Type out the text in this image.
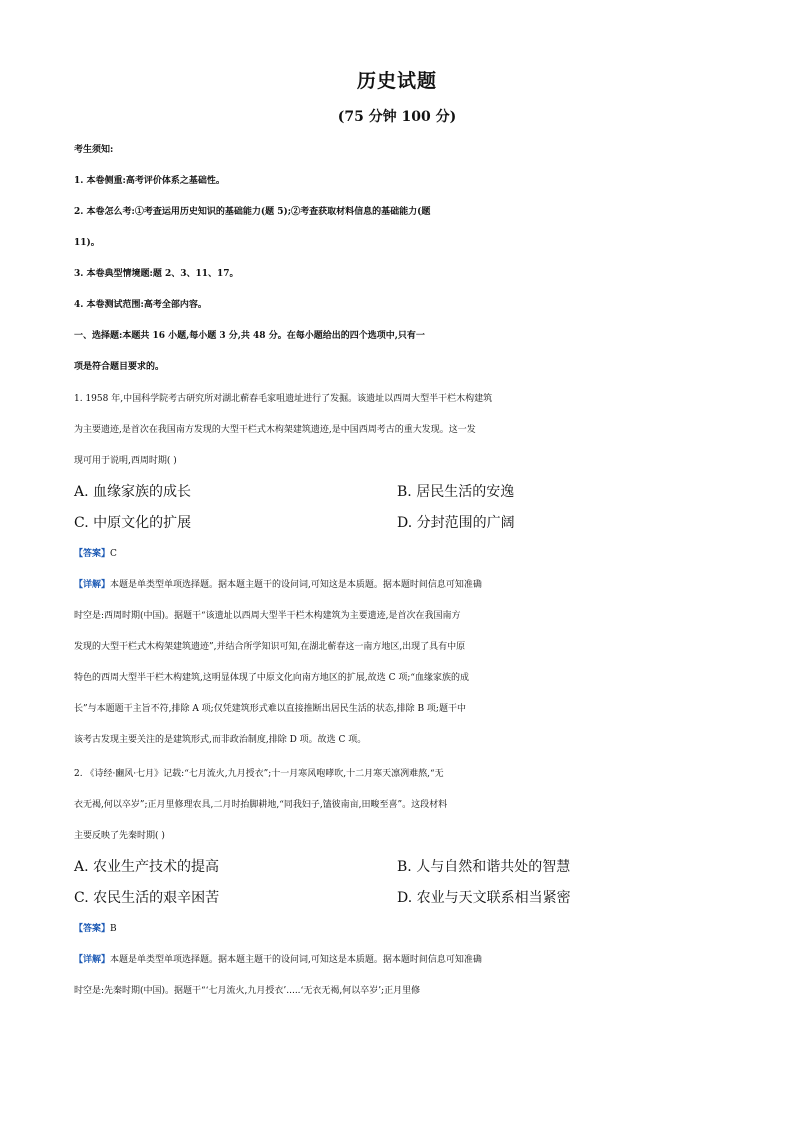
历史试题
(75 分钟 100 分)
考生须知:
1. 本卷侧重:高考评价体系之基础性。
2. 本卷怎么考:①考查运用历史知识的基础能力(题 5);②考查获取材料信息的基础能力(题
11)。
3. 本卷典型情境题:题 2、3、11、17。
4. 本卷测试范围:高考全部内容。
一、选择题:本题共 16 小题,每小题 3 分,共 48 分。在每小题给出的四个选项中,只有一
项是符合题目要求的。
1. 1958 年,中国科学院考古研究所对湖北蕲春毛家咀遗址进行了发掘。该遗址以西周大型半干栏木构建筑
为主要遗迹,是首次在我国南方发现的大型干栏式木构架建筑遗迹,是中国西周考古的重大发现。这一发
现可用于说明,西周时期( )
A. 血缘家族的成长	B. 居民生活的安逸
C. 中原文化的扩展	D. 分封范围的广阔
【答案】C
【详解】本题是单类型单项选择题。据本题主题干的设问词,可知这是本质题。据本题时间信息可知准确
时空是:西周时期(中国)。据题干“该遗址以西周大型半干栏木构建筑为主要遗迹,是首次在我国南方
发现的大型干栏式木构架建筑遗迹”,并结合所学知识可知,在湖北蕲春这一南方地区,出现了具有中原
特色的西周大型半干栏木构建筑,这明显体现了中原文化向南方地区的扩展,故选 C 项;“血缘家族的成
长”与本题题干主旨不符,排除 A 项;仅凭建筑形式难以直接推断出居民生活的状态,排除 B 项;题干中
该考古发现主要关注的是建筑形式,而非政治制度,排除 D 项。故选 C 项。
2. 《诗经·豳风·七月》记载:“七月流火,九月授衣”;十一月寒风咆哮吹,十二月寒天凛冽难熬,“无
衣无褐,何以卒岁”;正月里修理农具,二月时抬脚耕地,“同我妇子,馌彼南亩,田畯至喜”。这段材料
主要反映了先秦时期( )
A. 农业生产技术的提高	B. 人与自然和谐共处的智慧
C. 农民生活的艰辛困苦	D. 农业与天文联系相当紧密
【答案】B
【详解】本题是单类型单项选择题。据本题主题干的设问词,可知这是本质题。据本题时间信息可知准确
时空是:先秦时期(中国)。据题干“‘七月流火,九月授衣’.....‘无衣无褐,何以卒岁’;正月里修
